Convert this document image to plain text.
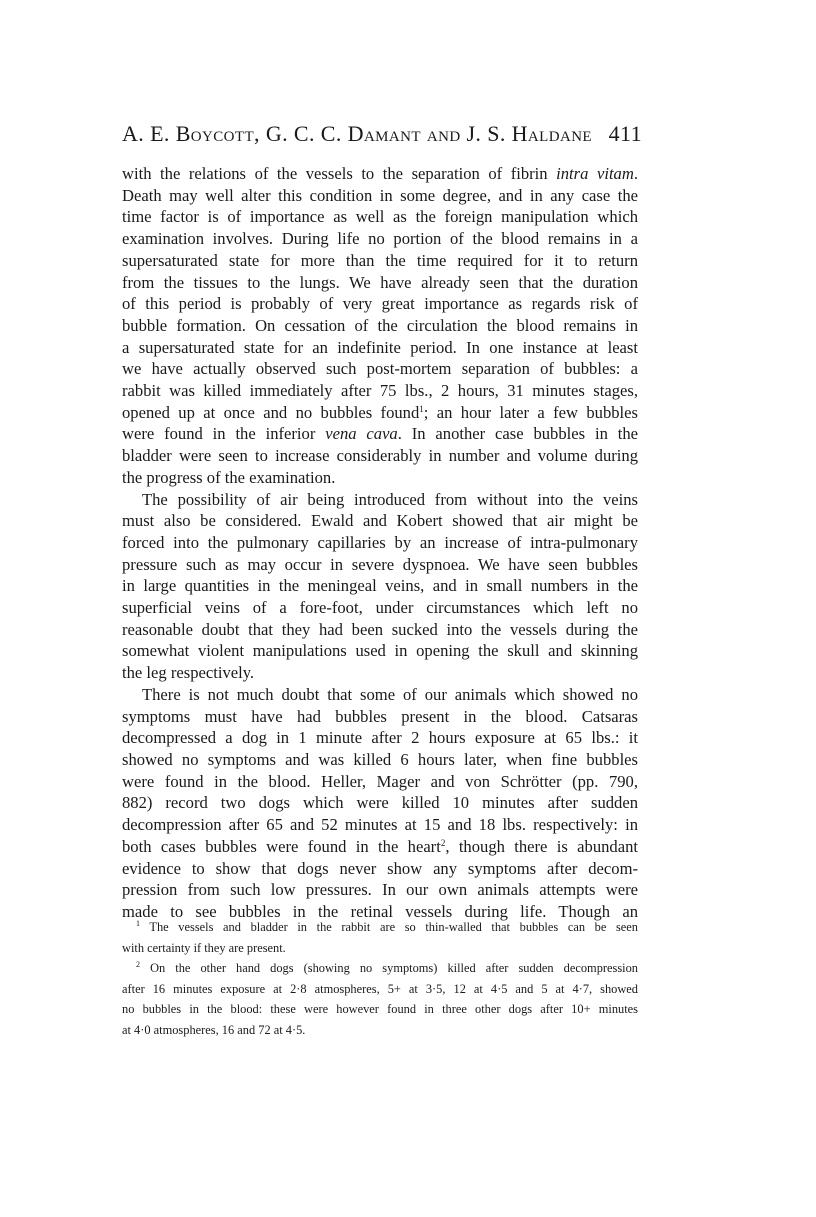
A. E. Boycott, G. C. C. Damant and J. S. Haldane 411

with the relations of the vessels to the separation of fibrin intra vitam.
Death may well alter this condition in some degree, and in any case the
time factor is of importance as well as the foreign manipulation which
examination involves. During life no portion of the blood remains in a
supersaturated state for more than the time required for it to return
from the tissues to the lungs. We have already seen that the duration
of this period is probably of very great importance as regards risk of
bubble formation. On cessation of the circulation the blood remains in
a supersaturated state for an indefinite period. In one instance at least
we have actually observed such post-mortem separation of bubbles: a
rabbit was killed immediately after 75 lbs., 2 hours, 31 minutes stages,
opened up at once and no bubbles found$^1$; an hour later a few bubbles
were found in the inferior vena cava. In another case bubbles in the
bladder were seen to increase considerably in number and volume during
the progress of the examination.

The possibility of air being introduced from without into the veins
must also be considered. Ewald and Kobert showed that air might be
forced into the pulmonary capillaries by an increase of intra-pulmonary
pressure such as may occur in severe dyspnoea. We have seen bubbles
in large quantities in the meningeal veins, and in small numbers in the
superficial veins of a fore-foot, under circumstances which left no
reasonable doubt that they had been sucked into the vessels during the
somewhat violent manipulations used in opening the skull and skinning
the leg respectively.

There is not much doubt that some of our animals which showed no
symptoms must have had bubbles present in the blood. Catsaras
decompressed a dog in 1 minute after 2 hours exposure at 65 lbs.: it
showed no symptoms and was killed 6 hours later, when fine bubbles
were found in the blood. Heller, Mager and von Schrötter (pp. 790,
882) record two dogs which were killed 10 minutes after sudden
decompression after 65 and 52 minutes at 15 and 18 lbs. respectively: in
both cases bubbles were found in the heart$^2$, though there is abundant
evidence to show that dogs never show any symptoms after decom-
pression from such low pressures. In our own animals attempts were
made to see bubbles in the retinal vessels during life. Though an

$^1$ The vessels and bladder in the rabbit are so thin-walled that bubbles can be seen
with certainty if they are present.
$^2$ On the other hand dogs (showing no symptoms) killed after sudden decompression
after 16 minutes exposure at 2·8 atmospheres, 5+ at 3·5, 12 at 4·5 and 5 at 4·7, showed
no bubbles in the blood: these were however found in three other dogs after 10+ minutes
at 4·0 atmospheres, 16 and 72 at 4·5.
